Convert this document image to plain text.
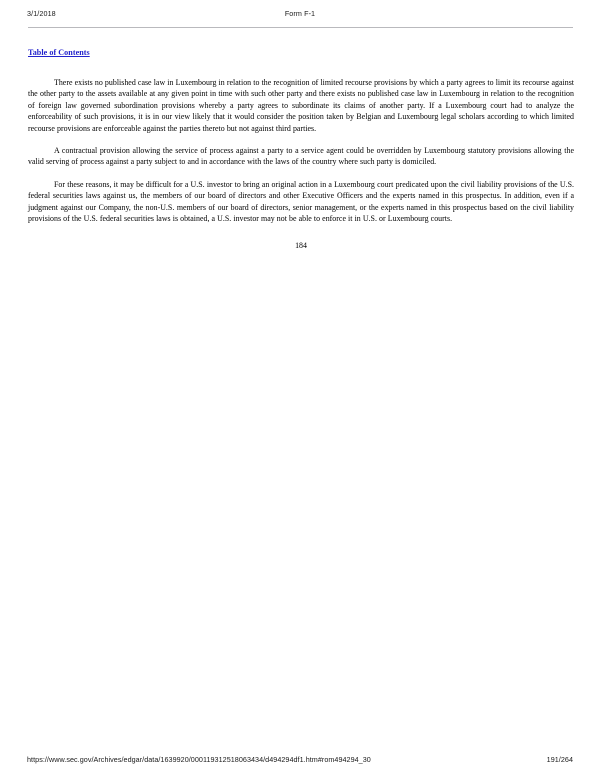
3/1/2018	Form F-1
Table of Contents

There exists no published case law in Luxembourg in relation to the recognition of limited recourse provisions by which a party agrees to limit its recourse against the other party to the assets available at any given point in time with such other party and there exists no published case law in Luxembourg in relation to the recognition of foreign law governed subordination provisions whereby a party agrees to subordinate its claims of another party. If a Luxembourg court had to analyze the enforceability of such provisions, it is in our view likely that it would consider the position taken by Belgian and Luxembourg legal scholars according to which limited recourse provisions are enforceable against the parties thereto but not against third parties.

A contractual provision allowing the service of process against a party to a service agent could be overridden by Luxembourg statutory provisions allowing the valid serving of process against a party subject to and in accordance with the laws of the country where such party is domiciled.

For these reasons, it may be difficult for a U.S. investor to bring an original action in a Luxembourg court predicated upon the civil liability provisions of the U.S. federal securities laws against us, the members of our board of directors and other Executive Officers and the experts named in this prospectus. In addition, even if a judgment against our Company, the non-U.S. members of our board of directors, senior management, or the experts named in this prospectus based on the civil liability provisions of the U.S. federal securities laws is obtained, a U.S. investor may not be able to enforce it in U.S. or Luxembourg courts.

184
https://www.sec.gov/Archives/edgar/data/1639920/000119312518063434/d494294df1.htm#rom494294_30	191/264
